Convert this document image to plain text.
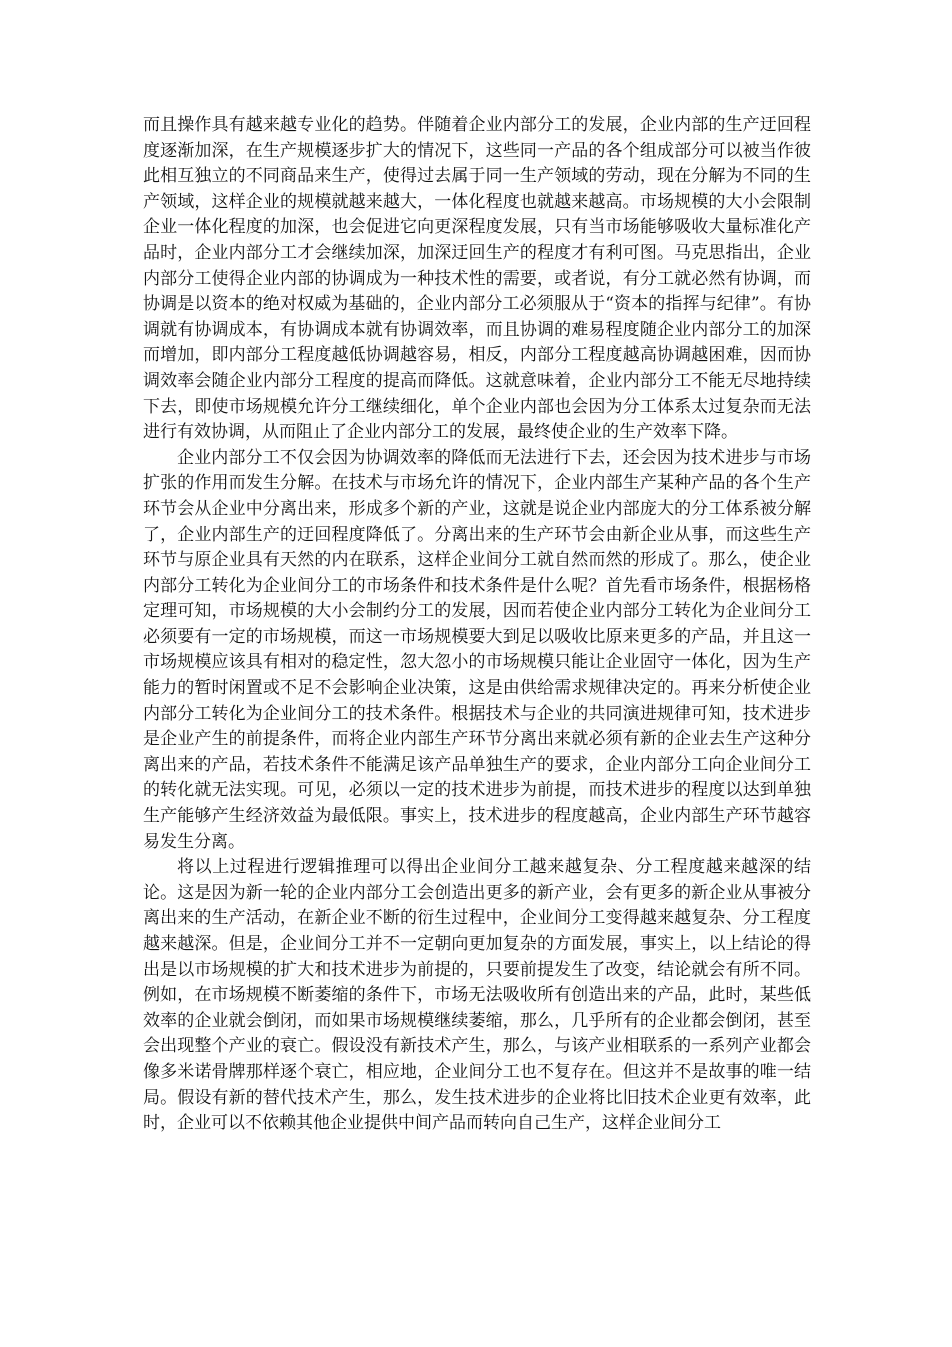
而且操作具有越来越专业化的趋势。伴随着企业内部分工的发展，企业内部的生产迂回程度逐渐加深，在生产规模逐步扩大的情况下，这些同一产品的各个组成部分可以被当作彼此相互独立的不同商品来生产，使得过去属于同一生产领域的劳动，现在分解为不同的生产领域，这样企业的规模就越来越大，一体化程度也就越来越高。市场规模的大小会限制企业一体化程度的加深，也会促进它向更深程度发展，只有当市场能够吸收大量标准化产品时，企业内部分工才会继续加深，加深迂回生产的程度才有利可图。马克思指出，企业内部分工使得企业内部的协调成为一种技术性的需要，或者说，有分工就必然有协调，而协调是以资本的绝对权威为基础的，企业内部分工必须服从于“资本的指挥与纪律”。有协调就有协调成本，有协调成本就有协调效率，而且协调的难易程度随企业内部分工的加深而增加，即内部分工程度越低协调越容易，相反，内部分工程度越高协调越困难，因而协调效率会随企业内部分工程度的提高而降低。这就意味着，企业内部分工不能无尽地持续下去，即使市场规模允许分工继续细化，单个企业内部也会因为分工体系太过复杂而无法进行有效协调，从而阻止了企业内部分工的发展，最终使企业的生产效率下降。

企业内部分工不仅会因为协调效率的降低而无法进行下去，还会因为技术进步与市场扩张的作用而发生分解。在技术与市场允许的情况下，企业内部生产某种产品的各个生产环节会从企业中分离出来，形成多个新的产业，这就是说企业内部庞大的分工体系被分解了，企业内部生产的迂回程度降低了。分离出来的生产环节会由新企业从事，而这些生产环节与原企业具有天然的内在联系，这样企业间分工就自然而然的形成了。那么，使企业内部分工转化为企业间分工的市场条件和技术条件是什么呢？首先看市场条件，根据杨格定理可知，市场规模的大小会制约分工的发展，因而若使企业内部分工转化为企业间分工必须要有一定的市场规模，而这一市场规模要大到足以吸收比原来更多的产品，并且这一市场规模应该具有相对的稳定性，忽大忽小的市场规模只能让企业固守一体化，因为生产能力的暂时闲置或不足不会影响企业决策，这是由供给需求规律决定的。再来分析使企业内部分工转化为企业间分工的技术条件。根据技术与企业的共同演进规律可知，技术进步是企业产生的前提条件，而将企业内部生产环节分离出来就必须有新的企业去生产这种分离出来的产品，若技术条件不能满足该产品单独生产的要求，企业内部分工向企业间分工的转化就无法实现。可见，必须以一定的技术进步为前提，而技术进步的程度以达到单独生产能够产生经济效益为最低限。事实上，技术进步的程度越高，企业内部生产环节越容易发生分离。

将以上过程进行逻辑推理可以得出企业间分工越来越复杂、分工程度越来越深的结论。这是因为新一轮的企业内部分工会创造出更多的新产业，会有更多的新企业从事被分离出来的生产活动，在新企业不断的衍生过程中，企业间分工变得越来越复杂、分工程度越来越深。但是，企业间分工并不一定朝向更加复杂的方面发展，事实上，以上结论的得出是以市场规模的扩大和技术进步为前提的，只要前提发生了改变，结论就会有所不同。例如，在市场规模不断萎缩的条件下，市场无法吸收所有创造出来的产品，此时，某些低效率的企业就会倒闭，而如果市场规模继续萎缩，那么，几乎所有的企业都会倒闭，甚至会出现整个产业的衰亡。假设没有新技术产生，那么，与该产业相联系的一系列产业都会像多米诺骨牌那样逐个衰亡，相应地，企业间分工也不复存在。但这并不是故事的唯一结局。假设有新的替代技术产生，那么，发生技术进步的企业将比旧技术企业更有效率，此时，企业可以不依赖其他企业提供中间产品而转向自己生产，这样企业间分工
